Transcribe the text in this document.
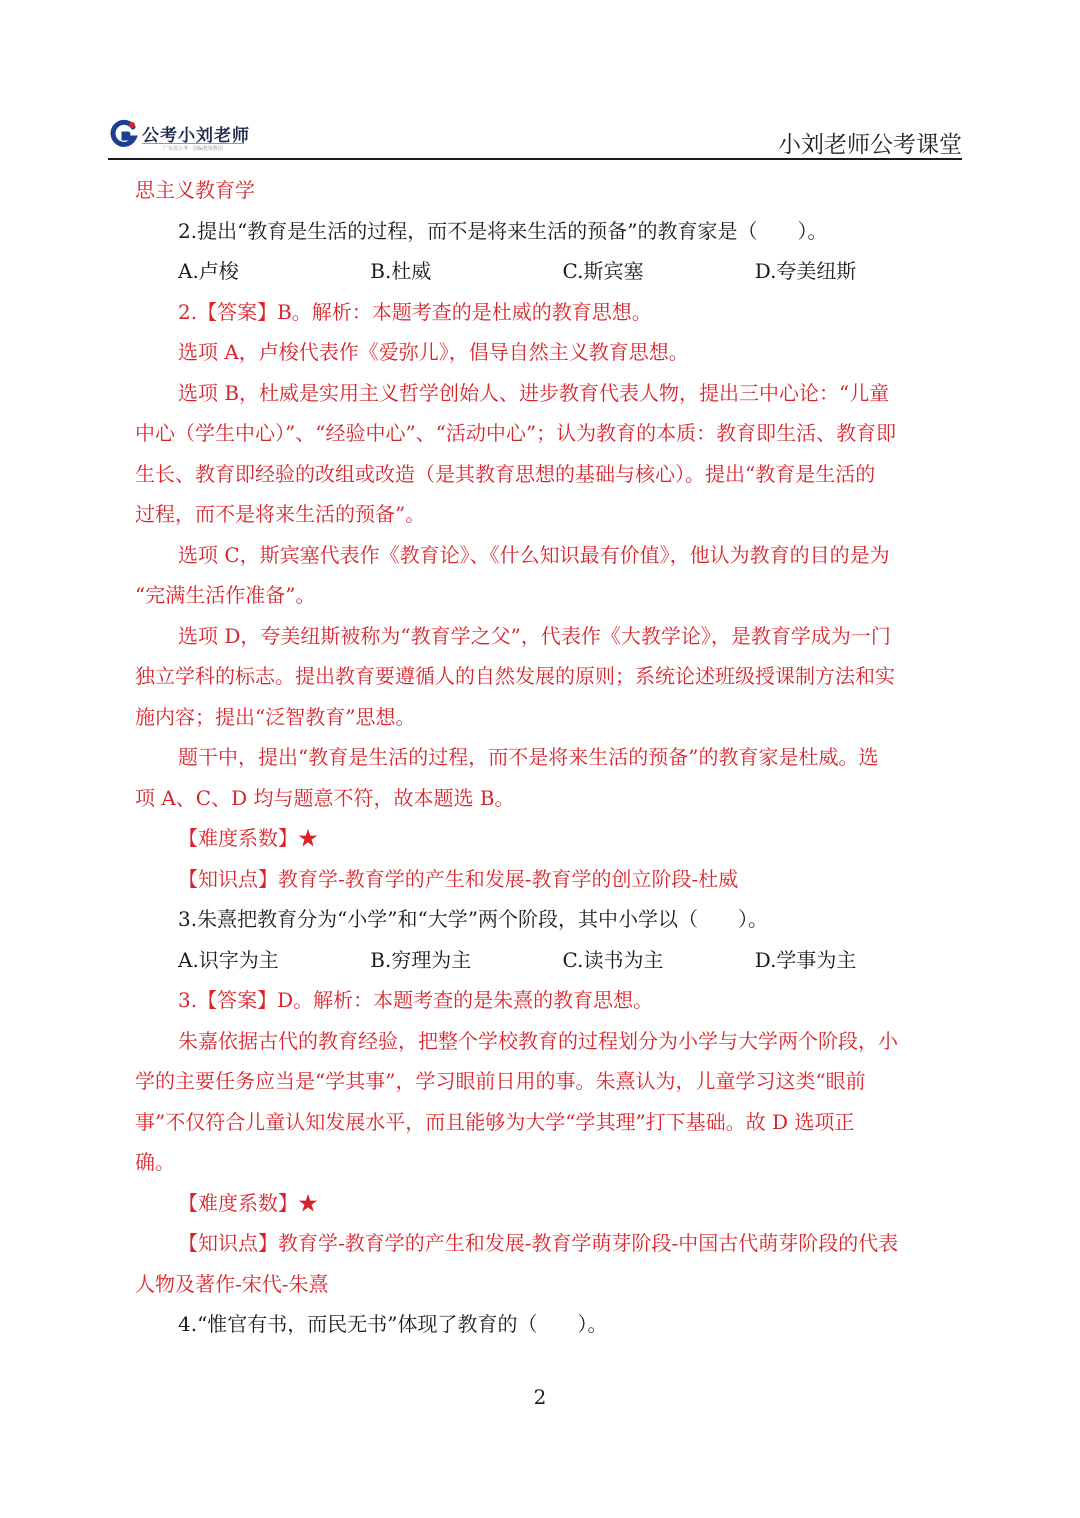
公考小刘老师
广东省公考 · 国编教资教招	小刘老师公考课堂
思主义教育学
2.提出“教育是生活的过程，而不是将来生活的预备”的教育家是（　　）。
A.卢梭	B.杜威	C.斯宾塞	D.夸美纽斯
2.【答案】B。解析：本题考查的是杜威的教育思想。
选项 A，卢梭代表作《爱弥儿》，倡导自然主义教育思想。
选项 B，杜威是实用主义哲学创始人、进步教育代表人物，提出三中心论：“儿童
中心（学生中心）”、“经验中心”、“活动中心”；认为教育的本质：教育即生活、教育即
生长、教育即经验的改组或改造（是其教育思想的基础与核心）。提出“教育是生活的
过程，而不是将来生活的预备”。
选项 C，斯宾塞代表作《教育论》、《什么知识最有价值》，他认为教育的目的是为
“完满生活作准备”。
选项 D，夸美纽斯被称为“教育学之父”，代表作《大教学论》，是教育学成为一门
独立学科的标志。提出教育要遵循人的自然发展的原则；系统论述班级授课制方法和实
施内容；提出“泛智教育”思想。
题干中，提出“教育是生活的过程，而不是将来生活的预备”的教育家是杜威。选
项 A、C、D 均与题意不符，故本题选 B。
【难度系数】★
【知识点】教育学-教育学的产生和发展-教育学的创立阶段-杜威
3.朱熹把教育分为“小学”和“大学”两个阶段，其中小学以（　　）。
A.识字为主	B.穷理为主	C.读书为主	D.学事为主
3.【答案】D。解析：本题考查的是朱熹的教育思想。
朱嘉依据古代的教育经验，把整个学校教育的过程划分为小学与大学两个阶段，小
学的主要任务应当是“学其事”，学习眼前日用的事。朱熹认为，儿童学习这类“眼前
事”不仅符合儿童认知发展水平，而且能够为大学“学其理”打下基础。故 D 选项正
确。
【难度系数】★
【知识点】教育学-教育学的产生和发展-教育学萌芽阶段-中国古代萌芽阶段的代表
人物及著作-宋代-朱熹
4.“惟官有书，而民无书”体现了教育的（　　）。
2
